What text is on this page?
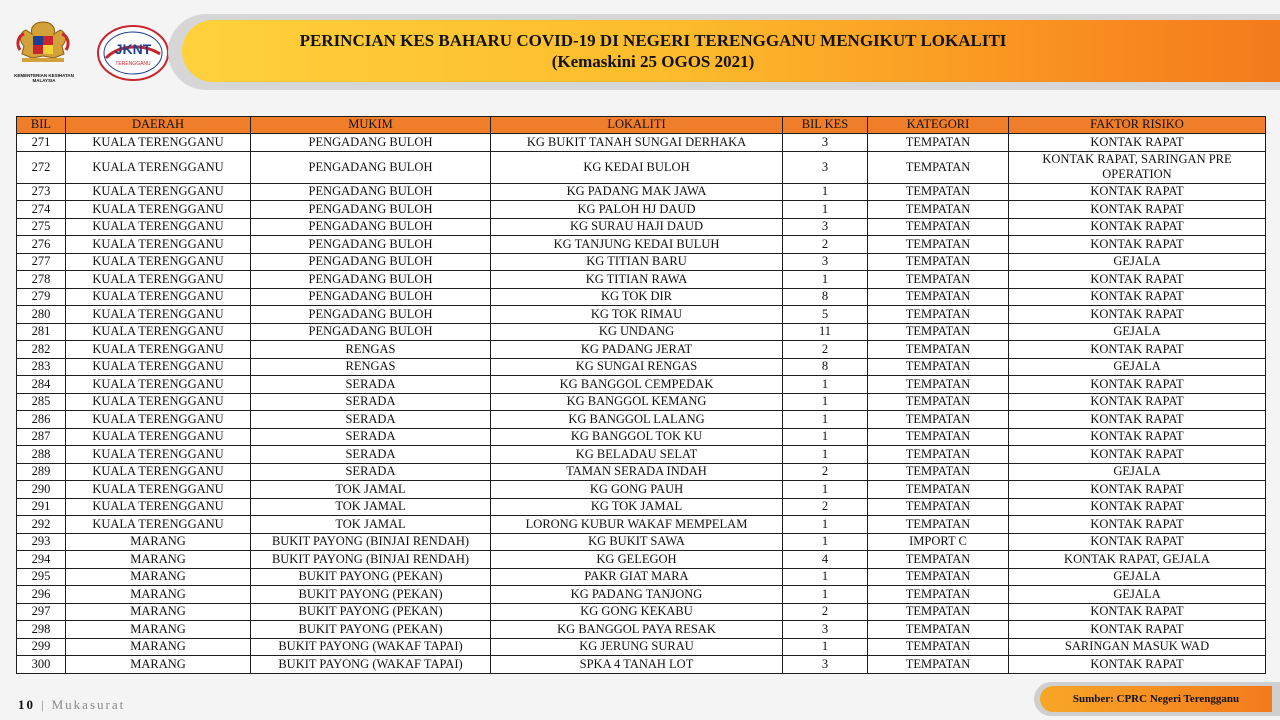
JKNT
TERENGGANU
KEMENTERIAN KESIHATAN MALAYSIA
PERINCIAN KES BAHARU COVID-19 DI NEGERI TERENGGANU MENGIKUT LOKALITI
(Kemaskini 25 OGOS 2021)
BIL	DAERAH	MUKIM	LOKALITI	BIL KES	KATEGORI	FAKTOR RISIKO
271	KUALA TERENGGANU	PENGADANG BULOH	KG BUKIT TANAH SUNGAI DERHAKA	3	TEMPATAN	KONTAK RAPAT
272	KUALA TERENGGANU	PENGADANG BULOH	KG KEDAI BULOH	3	TEMPATAN	KONTAK RAPAT, SARINGAN PRE OPERATION
273	KUALA TERENGGANU	PENGADANG BULOH	KG PADANG MAK JAWA	1	TEMPATAN	KONTAK RAPAT
274	KUALA TERENGGANU	PENGADANG BULOH	KG PALOH HJ DAUD	1	TEMPATAN	KONTAK RAPAT
275	KUALA TERENGGANU	PENGADANG BULOH	KG SURAU HAJI DAUD	3	TEMPATAN	KONTAK RAPAT
276	KUALA TERENGGANU	PENGADANG BULOH	KG TANJUNG KEDAI BULUH	2	TEMPATAN	KONTAK RAPAT
277	KUALA TERENGGANU	PENGADANG BULOH	KG TITIAN BARU	3	TEMPATAN	GEJALA
278	KUALA TERENGGANU	PENGADANG BULOH	KG TITIAN RAWA	1	TEMPATAN	KONTAK RAPAT
279	KUALA TERENGGANU	PENGADANG BULOH	KG TOK DIR	8	TEMPATAN	KONTAK RAPAT
280	KUALA TERENGGANU	PENGADANG BULOH	KG TOK RIMAU	5	TEMPATAN	KONTAK RAPAT
281	KUALA TERENGGANU	PENGADANG BULOH	KG UNDANG	11	TEMPATAN	GEJALA
282	KUALA TERENGGANU	RENGAS	KG PADANG JERAT	2	TEMPATAN	KONTAK RAPAT
283	KUALA TERENGGANU	RENGAS	KG SUNGAI RENGAS	8	TEMPATAN	GEJALA
284	KUALA TERENGGANU	SERADA	KG BANGGOL CEMPEDAK	1	TEMPATAN	KONTAK RAPAT
285	KUALA TERENGGANU	SERADA	KG BANGGOL KEMANG	1	TEMPATAN	KONTAK RAPAT
286	KUALA TERENGGANU	SERADA	KG BANGGOL LALANG	1	TEMPATAN	KONTAK RAPAT
287	KUALA TERENGGANU	SERADA	KG BANGGOL TOK KU	1	TEMPATAN	KONTAK RAPAT
288	KUALA TERENGGANU	SERADA	KG BELADAU SELAT	1	TEMPATAN	KONTAK RAPAT
289	KUALA TERENGGANU	SERADA	TAMAN SERADA INDAH	2	TEMPATAN	GEJALA
290	KUALA TERENGGANU	TOK JAMAL	KG GONG PAUH	1	TEMPATAN	KONTAK RAPAT
291	KUALA TERENGGANU	TOK JAMAL	KG TOK JAMAL	2	TEMPATAN	KONTAK RAPAT
292	KUALA TERENGGANU	TOK JAMAL	LORONG KUBUR WAKAF MEMPELAM	1	TEMPATAN	KONTAK RAPAT
293	MARANG	BUKIT PAYONG (BINJAI RENDAH)	KG BUKIT SAWA	1	IMPORT C	KONTAK RAPAT
294	MARANG	BUKIT PAYONG (BINJAI RENDAH)	KG GELEGOH	4	TEMPATAN	KONTAK RAPAT, GEJALA
295	MARANG	BUKIT PAYONG (PEKAN)	PAKR GIAT MARA	1	TEMPATAN	GEJALA
296	MARANG	BUKIT PAYONG (PEKAN)	KG PADANG TANJONG	1	TEMPATAN	GEJALA
297	MARANG	BUKIT PAYONG (PEKAN)	KG GONG KEKABU	2	TEMPATAN	KONTAK RAPAT
298	MARANG	BUKIT PAYONG (PEKAN)	KG BANGGOL PAYA RESAK	3	TEMPATAN	KONTAK RAPAT
299	MARANG	BUKIT PAYONG (WAKAF TAPAI)	KG JERUNG SURAU	1	TEMPATAN	SARINGAN MASUK WAD
300	MARANG	BUKIT PAYONG (WAKAF TAPAI)	SPKA 4 TANAH LOT	3	TEMPATAN	KONTAK RAPAT
10 | Mukasurat	Sumber: CPRC Negeri Terengganu
